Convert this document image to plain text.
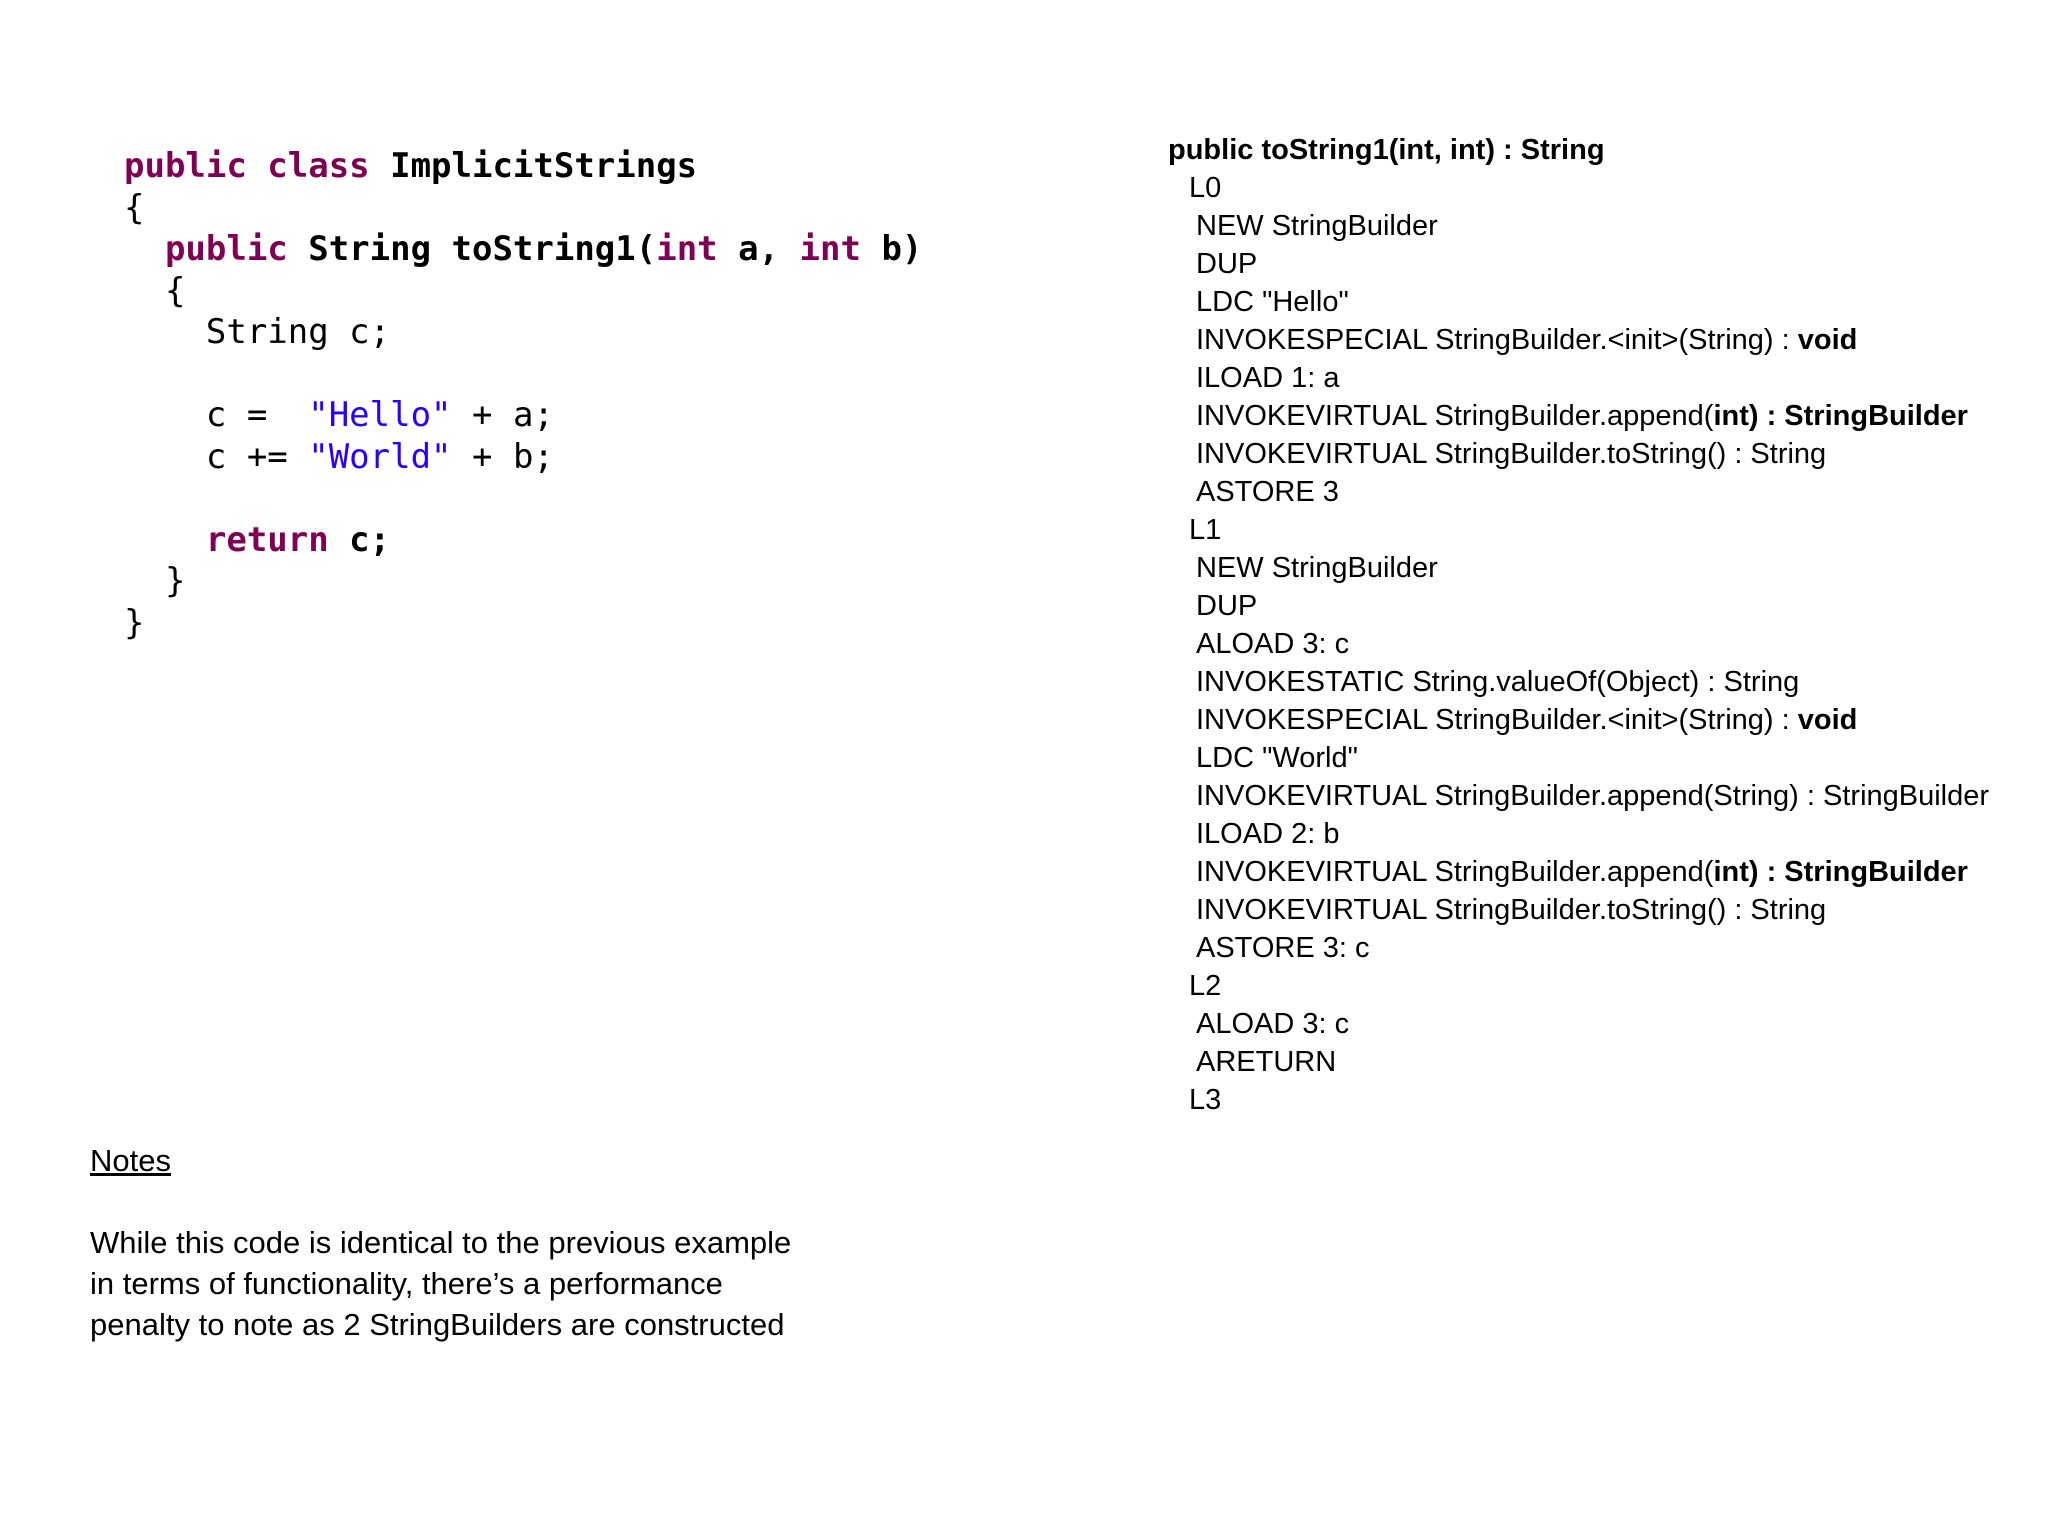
public class ImplicitStrings
{
public String toString1(int a, int b)
{
String c;
c =  "Hello" + a;
c += "World" + b;
return c;
}
}
public toString1(int, int) : String
L0
NEW StringBuilder
DUP
LDC "Hello"
INVOKESPECIAL StringBuilder.<init>(String) : void
ILOAD 1: a
INVOKEVIRTUAL StringBuilder.append(int) : StringBuilder
INVOKEVIRTUAL StringBuilder.toString() : String
ASTORE 3
L1
NEW StringBuilder
DUP
ALOAD 3: c
INVOKESTATIC String.valueOf(Object) : String
INVOKESPECIAL StringBuilder.<init>(String) : void
LDC "World"
INVOKEVIRTUAL StringBuilder.append(String) : StringBuilder
ILOAD 2: b
INVOKEVIRTUAL StringBuilder.append(int) : StringBuilder
INVOKEVIRTUAL StringBuilder.toString() : String
ASTORE 3: c
L2
ALOAD 3: c
ARETURN
L3
Notes
While this code is identical to the previous example
in terms of functionality, there’s a performance
penalty to note as 2 StringBuilders are constructed
